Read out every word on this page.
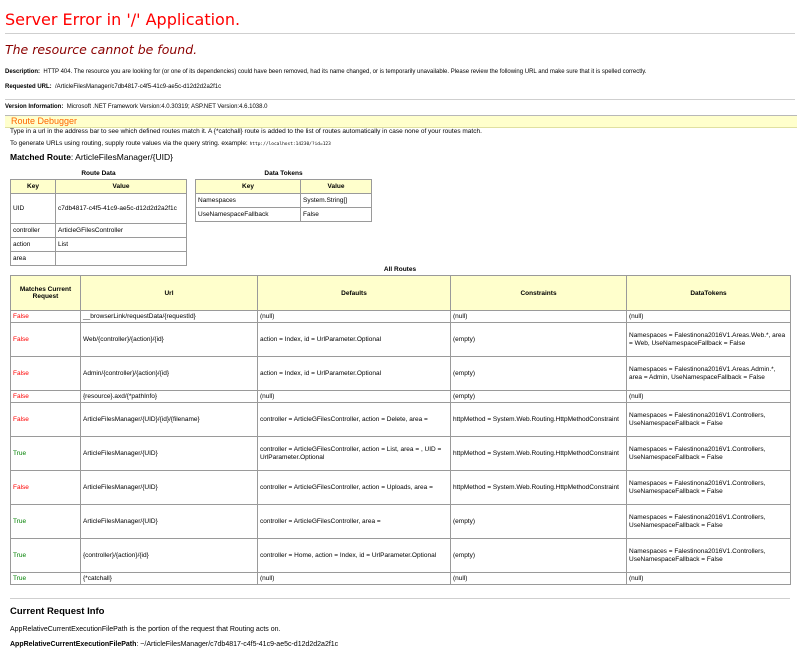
Server Error in '/' Application.
The resource cannot be found.
Description: HTTP 404. The resource you are looking for (or one of its dependencies) could have been removed, had its name changed, or is temporarily unavailable. Please review the following URL and make sure that it is spelled correctly.
Requested URL: /ArticleFilesManager/c7db4817-c4f5-41c9-ae5c-d12d2d2a2f1c
Version Information: Microsoft .NET Framework Version:4.0.30319; ASP.NET Version:4.6.1038.0
Route Debugger
Type in a url in the address bar to see which defined routes match it. A {*catchall} route is added to the list of routes automatically in case none of your routes match.
To generate URLs using routing, supply route values via the query string. example: http://localhost:14230/?id=123
Matched Route: ArticleFilesManager/{UID}
Route Data
Key	Value
UID	c7db4817-c4f5-41c9-ae5c-d12d2d2a2f1c
controller	ArticleGFilesController
action	List
area	
Data Tokens
Key	Value
Namespaces	System.String[]
UseNamespaceFallback	False
All Routes
Matches Current Request	Url	Defaults	Constraints	DataTokens
False	__browserLink/requestData/{requestId}	(null)	(null)	(null)
False	Web/{controller}/{action}/{id}	action = Index, id = UrlParameter.Optional	(empty)	Namespaces = Falestinona2016V1.Areas.Web.*, area = Web, UseNamespaceFallback = False
False	Admin/{controller}/{action}/{id}	action = Index, id = UrlParameter.Optional	(empty)	Namespaces = Falestinona2016V1.Areas.Admin.*, area = Admin, UseNamespaceFallback = False
False	{resource}.axd/{*pathInfo}	(null)	(empty)	(null)
False	ArticleFilesManager/{UID}/{id}/{filename}	controller = ArticleGFilesController, action = Delete, area =	httpMethod = System.Web.Routing.HttpMethodConstraint	Namespaces = Falestinona2016V1.Controllers, UseNamespaceFallback = False
True	ArticleFilesManager/{UID}	controller = ArticleGFilesController, action = List, area = , UID = UrlParameter.Optional	httpMethod = System.Web.Routing.HttpMethodConstraint	Namespaces = Falestinona2016V1.Controllers, UseNamespaceFallback = False
False	ArticleFilesManager/{UID}	controller = ArticleGFilesController, action = Uploads, area =	httpMethod = System.Web.Routing.HttpMethodConstraint	Namespaces = Falestinona2016V1.Controllers, UseNamespaceFallback = False
True	ArticleFilesManager/{UID}	controller = ArticleGFilesController, area =	(empty)	Namespaces = Falestinona2016V1.Controllers, UseNamespaceFallback = False
True	{controller}/{action}/{id}	controller = Home, action = Index, id = UrlParameter.Optional	(empty)	Namespaces = Falestinona2016V1.Controllers, UseNamespaceFallback = False
True	{*catchall}	(null)	(null)	(null)
Current Request Info
AppRelativeCurrentExecutionFilePath is the portion of the request that Routing acts on.
AppRelativeCurrentExecutionFilePath: ~/ArticleFilesManager/c7db4817-c4f5-41c9-ae5c-d12d2d2a2f1c
